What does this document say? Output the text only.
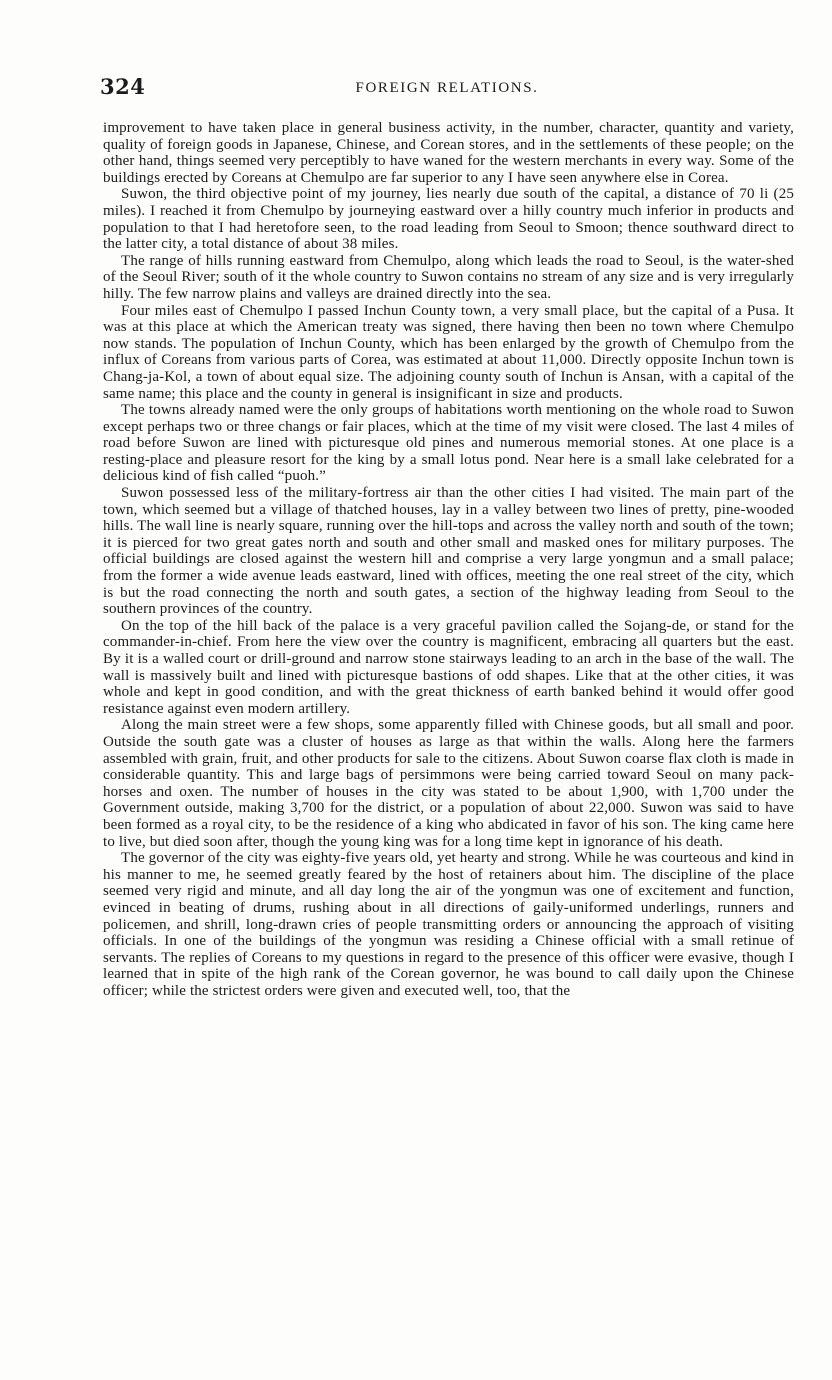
324	FOREIGN RELATIONS.

improvement to have taken place in general business activity, in the number, character, quantity and variety, quality of foreign goods in Japanese, Chinese, and Corean stores, and in the settlements of these people; on the other hand, things seemed very perceptibly to have waned for the western merchants in every way. Some of the buildings erected by Coreans at Chemulpo are far superior to any I have seen anywhere else in Corea.

Suwon, the third objective point of my journey, lies nearly due south of the capital, a distance of 70 li (25 miles). I reached it from Chemulpo by journeying eastward over a hilly country much inferior in products and population to that I had heretofore seen, to the road leading from Seoul to Smoon; thence southward direct to the latter city, a total distance of about 38 miles.

The range of hills running eastward from Chemulpo, along which leads the road to Seoul, is the water-shed of the Seoul River; south of it the whole country to Suwon contains no stream of any size and is very irregularly hilly. The few narrow plains and valleys are drained directly into the sea.

Four miles east of Chemulpo I passed Inchun County town, a very small place, but the capital of a Pusa. It was at this place at which the American treaty was signed, there having then been no town where Chemulpo now stands. The population of Inchun County, which has been enlarged by the growth of Chemulpo from the influx of Coreans from various parts of Corea, was estimated at about 11,000. Directly opposite Inchun town is Chang-ja-Kol, a town of about equal size. The adjoining county south of Inchun is Ansan, with a capital of the same name; this place and the county in general is insignificant in size and products.

The towns already named were the only groups of habitations worth mentioning on the whole road to Suwon except perhaps two or three changs or fair places, which at the time of my visit were closed. The last 4 miles of road before Suwon are lined with picturesque old pines and numerous memorial stones. At one place is a resting-place and pleasure resort for the king by a small lotus pond. Near here is a small lake celebrated for a delicious kind of fish called “puoh.”

Suwon possessed less of the military-fortress air than the other cities I had visited. The main part of the town, which seemed but a village of thatched houses, lay in a valley between two lines of pretty, pine-wooded hills. The wall line is nearly square, running over the hill-tops and across the valley north and south of the town; it is pierced for two great gates north and south and other small and masked ones for military purposes. The official buildings are closed against the western hill and comprise a very large yongmun and a small palace; from the former a wide avenue leads eastward, lined with offices, meeting the one real street of the city, which is but the road connecting the north and south gates, a section of the highway leading from Seoul to the southern provinces of the country.

On the top of the hill back of the palace is a very graceful pavilion called the Sojang-de, or stand for the commander-in-chief. From here the view over the country is magnificent, embracing all quarters but the east. By it is a walled court or drill-ground and narrow stone stairways leading to an arch in the base of the wall. The wall is massively built and lined with picturesque bastions of odd shapes. Like that at the other cities, it was whole and kept in good condition, and with the great thickness of earth banked behind it would offer good resistance against even modern artillery.

Along the main street were a few shops, some apparently filled with Chinese goods, but all small and poor. Outside the south gate was a cluster of houses as large as that within the walls. Along here the farmers assembled with grain, fruit, and other products for sale to the citizens. About Suwon coarse flax cloth is made in considerable quantity. This and large bags of persimmons were being carried toward Seoul on many pack-horses and oxen. The number of houses in the city was stated to be about 1,900, with 1,700 under the Government outside, making 3,700 for the district, or a population of about 22,000. Suwon was said to have been formed as a royal city, to be the residence of a king who abdicated in favor of his son. The king came here to live, but died soon after, though the young king was for a long time kept in ignorance of his death.

The governor of the city was eighty-five years old, yet hearty and strong. While he was courteous and kind in his manner to me, he seemed greatly feared by the host of retainers about him. The discipline of the place seemed very rigid and minute, and all day long the air of the yongmun was one of excitement and function, evinced in beating of drums, rushing about in all directions of gaily-uniformed underlings, runners and policemen, and shrill, long-drawn cries of people transmitting orders or announcing the approach of visiting officials. In one of the buildings of the yongmun was residing a Chinese official with a small retinue of servants. The replies of Coreans to my questions in regard to the presence of this officer were evasive, though I learned that in spite of the high rank of the Corean governor, he was bound to call daily upon the Chinese officer; while the strictest orders were given and executed well, too, that the
